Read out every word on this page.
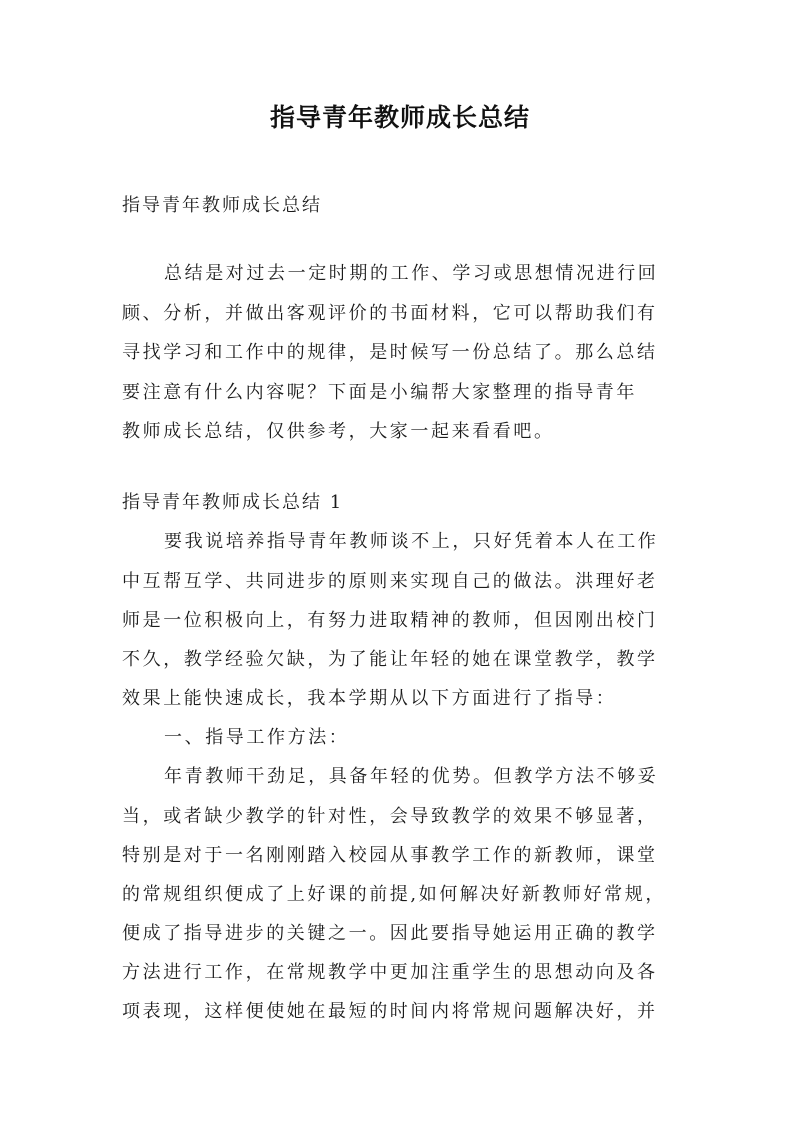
指导青年教师成长总结
指导青年教师成长总结
总结是对过去一定时期的工作、学习或思想情况进行回
顾、分析，并做出客观评价的书面材料，它可以帮助我们有
寻找学习和工作中的规律，是时候写一份总结了。那么总结
要注意有什么内容呢？下面是小编帮大家整理的指导青年
教师成长总结，仅供参考，大家一起来看看吧。
指导青年教师成长总结 1
要我说培养指导青年教师谈不上，只好凭着本人在工作
中互帮互学、共同进步的原则来实现自己的做法。洪理好老
师是一位积极向上，有努力进取精神的教师，但因刚出校门
不久，教学经验欠缺，为了能让年轻的她在课堂教学，教学
效果上能快速成长，我本学期从以下方面进行了指导：
一、指导工作方法：
年青教师干劲足，具备年轻的优势。但教学方法不够妥
当，或者缺少教学的针对性，会导致教学的效果不够显著，
特别是对于一名刚刚踏入校园从事教学工作的新教师，课堂
的常规组织便成了上好课的前提,如何解决好新教师好常规，
便成了指导进步的关键之一。因此要指导她运用正确的教学
方法进行工作，在常规教学中更加注重学生的思想动向及各
项表现，这样便使她在最短的时间内将常规问题解决好，并
